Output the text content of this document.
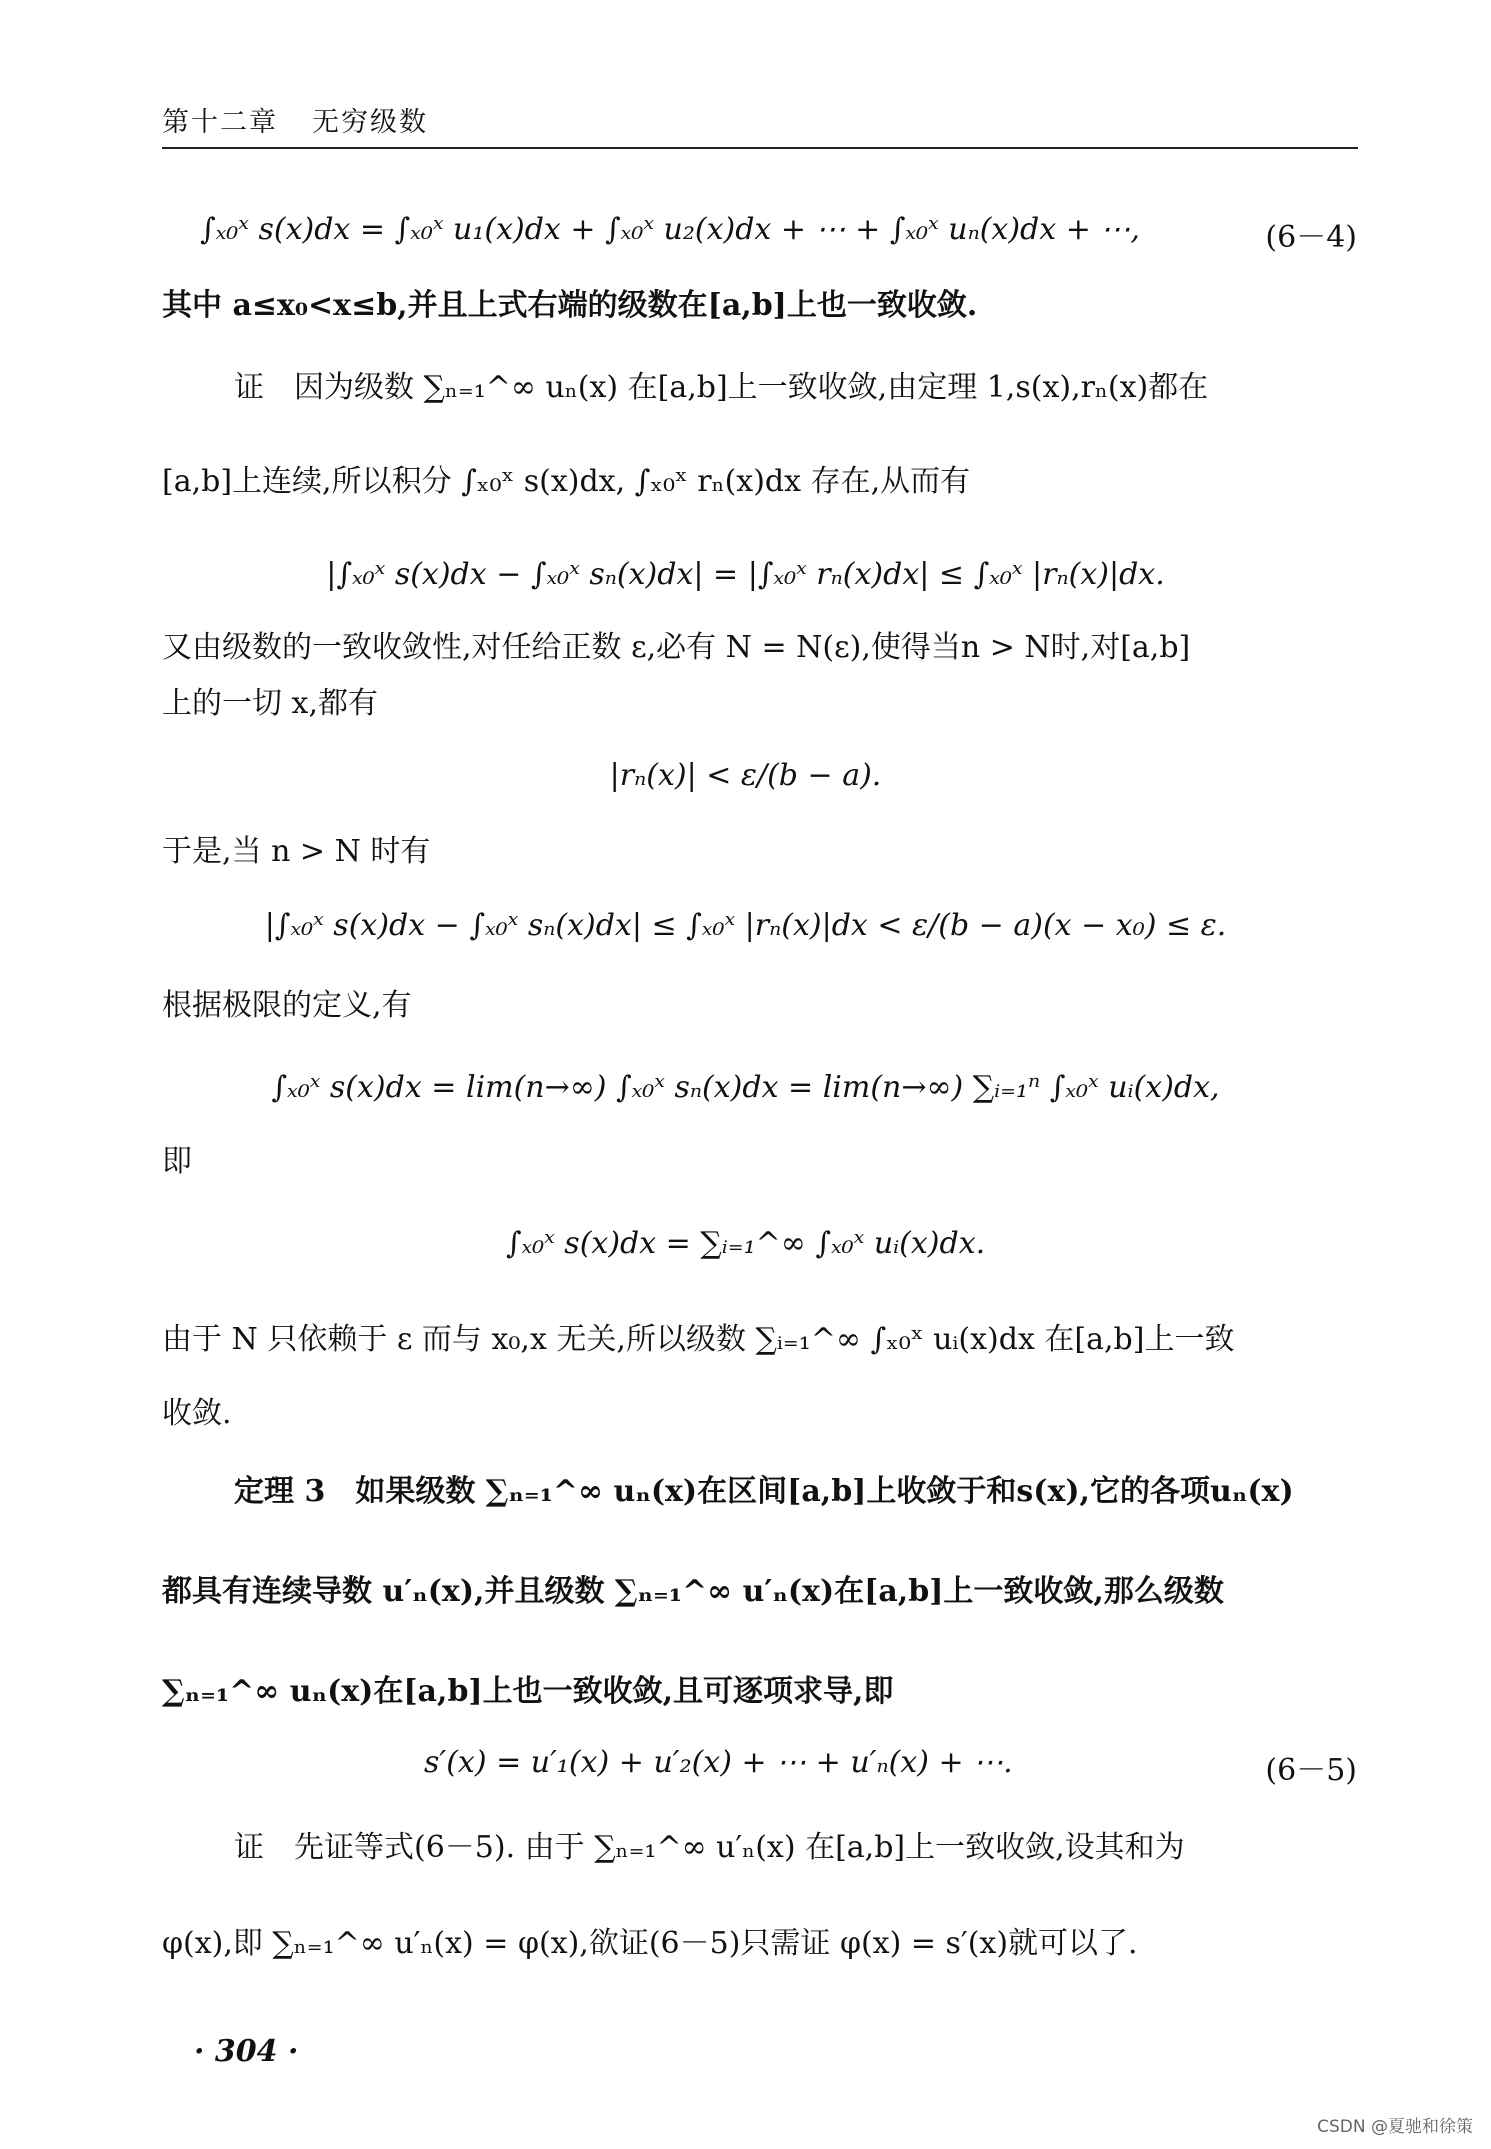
第十二章 无穷级数
∫ₓ₀ˣ s(x)dx = ∫ₓ₀ˣ u₁(x)dx + ∫ₓ₀ˣ u₂(x)dx + ⋯ + ∫ₓ₀ˣ uₙ(x)dx + ⋯,	(6－4)
其中 a≤x₀<x≤b,并且上式右端的级数在[a,b]上也一致收敛.
证　因为级数 ∑ₙ₌₁^∞ uₙ(x) 在[a,b]上一致收敛,由定理 1,s(x),rₙ(x)都在
[a,b]上连续,所以积分 ∫ₓ₀ˣ s(x)dx, ∫ₓ₀ˣ rₙ(x)dx 存在,从而有
|∫ₓ₀ˣ s(x)dx − ∫ₓ₀ˣ sₙ(x)dx| = |∫ₓ₀ˣ rₙ(x)dx| ≤ ∫ₓ₀ˣ |rₙ(x)|dx.
又由级数的一致收敛性,对任给正数 ε,必有 N = N(ε),使得当n > N时,对[a,b]
上的一切 x,都有
|rₙ(x)| < ε/(b − a).
于是,当 n > N 时有
|∫ₓ₀ˣ s(x)dx − ∫ₓ₀ˣ sₙ(x)dx| ≤ ∫ₓ₀ˣ |rₙ(x)|dx < ε/(b − a)(x − x₀) ≤ ε.
根据极限的定义,有
∫ₓ₀ˣ s(x)dx = lim(n→∞) ∫ₓ₀ˣ sₙ(x)dx = lim(n→∞) ∑ᵢ₌₁ⁿ ∫ₓ₀ˣ uᵢ(x)dx,
即
∫ₓ₀ˣ s(x)dx = ∑ᵢ₌₁^∞ ∫ₓ₀ˣ uᵢ(x)dx.
由于 N 只依赖于 ε 而与 x₀,x 无关,所以级数 ∑ᵢ₌₁^∞ ∫ₓ₀ˣ uᵢ(x)dx 在[a,b]上一致
收敛.
定理 3　如果级数 ∑ₙ₌₁^∞ uₙ(x)在区间[a,b]上收敛于和s(x),它的各项uₙ(x)
都具有连续导数 u′ₙ(x),并且级数 ∑ₙ₌₁^∞ u′ₙ(x)在[a,b]上一致收敛,那么级数
∑ₙ₌₁^∞ uₙ(x)在[a,b]上也一致收敛,且可逐项求导,即
s′(x) = u′₁(x) + u′₂(x) + ⋯ + u′ₙ(x) + ⋯.	(6－5)
证　先证等式(6－5). 由于 ∑ₙ₌₁^∞ u′ₙ(x) 在[a,b]上一致收敛,设其和为
φ(x),即 ∑ₙ₌₁^∞ u′ₙ(x) = φ(x),欲证(6－5)只需证 φ(x) = s′(x)就可以了.
· 304 ·
CSDN @夏驰和徐策
